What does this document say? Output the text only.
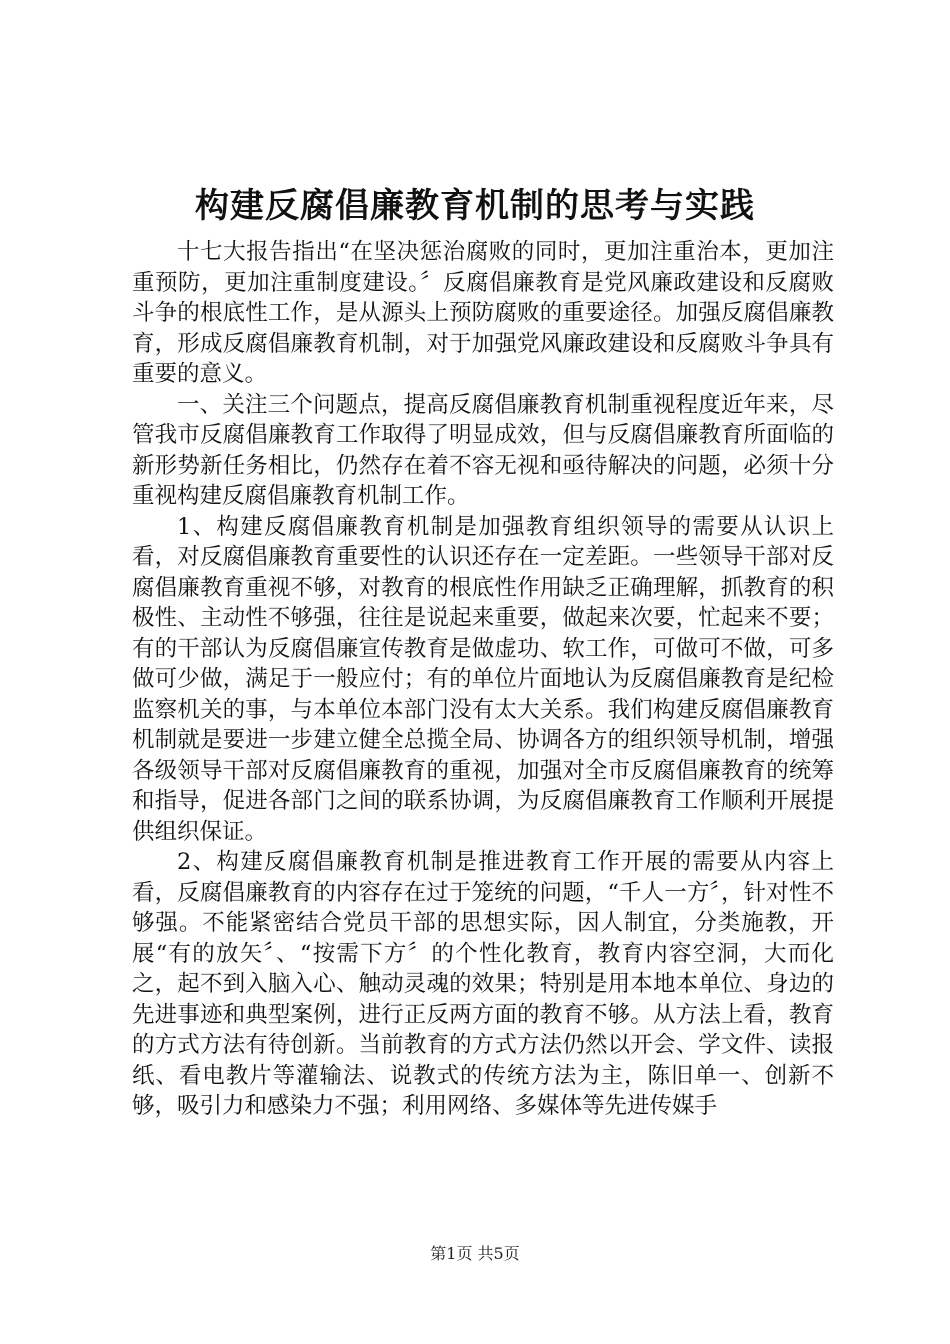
构建反腐倡廉教育机制的思考与实践

十七大报告指出“在坚决惩治腐败的同时，更加注重治本，更加注重预防，更加注重制度建设。〞反腐倡廉教育是党风廉政建设和反腐败斗争的根底性工作，是从源头上预防腐败的重要途径。加强反腐倡廉教育，形成反腐倡廉教育机制，对于加强党风廉政建设和反腐败斗争具有重要的意义。

一、关注三个问题点，提高反腐倡廉教育机制重视程度近年来，尽管我市反腐倡廉教育工作取得了明显成效，但与反腐倡廉教育所面临的新形势新任务相比，仍然存在着不容无视和亟待解决的问题，必须十分重视构建反腐倡廉教育机制工作。

1、构建反腐倡廉教育机制是加强教育组织领导的需要从认识上看，对反腐倡廉教育重要性的认识还存在一定差距。一些领导干部对反腐倡廉教育重视不够，对教育的根底性作用缺乏正确理解，抓教育的积极性、主动性不够强，往往是说起来重要，做起来次要，忙起来不要；有的干部认为反腐倡廉宣传教育是做虚功、软工作，可做可不做，可多做可少做，满足于一般应付；有的单位片面地认为反腐倡廉教育是纪检监察机关的事，与本单位本部门没有太大关系。我们构建反腐倡廉教育机制就是要进一步建立健全总揽全局、协调各方的组织领导机制，增强各级领导干部对反腐倡廉教育的重视，加强对全市反腐倡廉教育的统筹和指导，促进各部门之间的联系协调，为反腐倡廉教育工作顺利开展提供组织保证。

2、构建反腐倡廉教育机制是推进教育工作开展的需要从内容上看，反腐倡廉教育的内容存在过于笼统的问题，“千人一方〞，针对性不够强。不能紧密结合党员干部的思想实际，因人制宜，分类施教，开展“有的放矢〞、“按需下方〞的个性化教育，教育内容空洞，大而化之，起不到入脑入心、触动灵魂的效果；特别是用本地本单位、身边的先进事迹和典型案例，进行正反两方面的教育不够。从方法上看，教育的方式方法有待创新。当前教育的方式方法仍然以开会、学文件、读报纸、看电教片等灌输法、说教式的传统方法为主，陈旧单一、创新不够，吸引力和感染力不强；利用网络、多媒体等先进传媒手

第1页 共5页
